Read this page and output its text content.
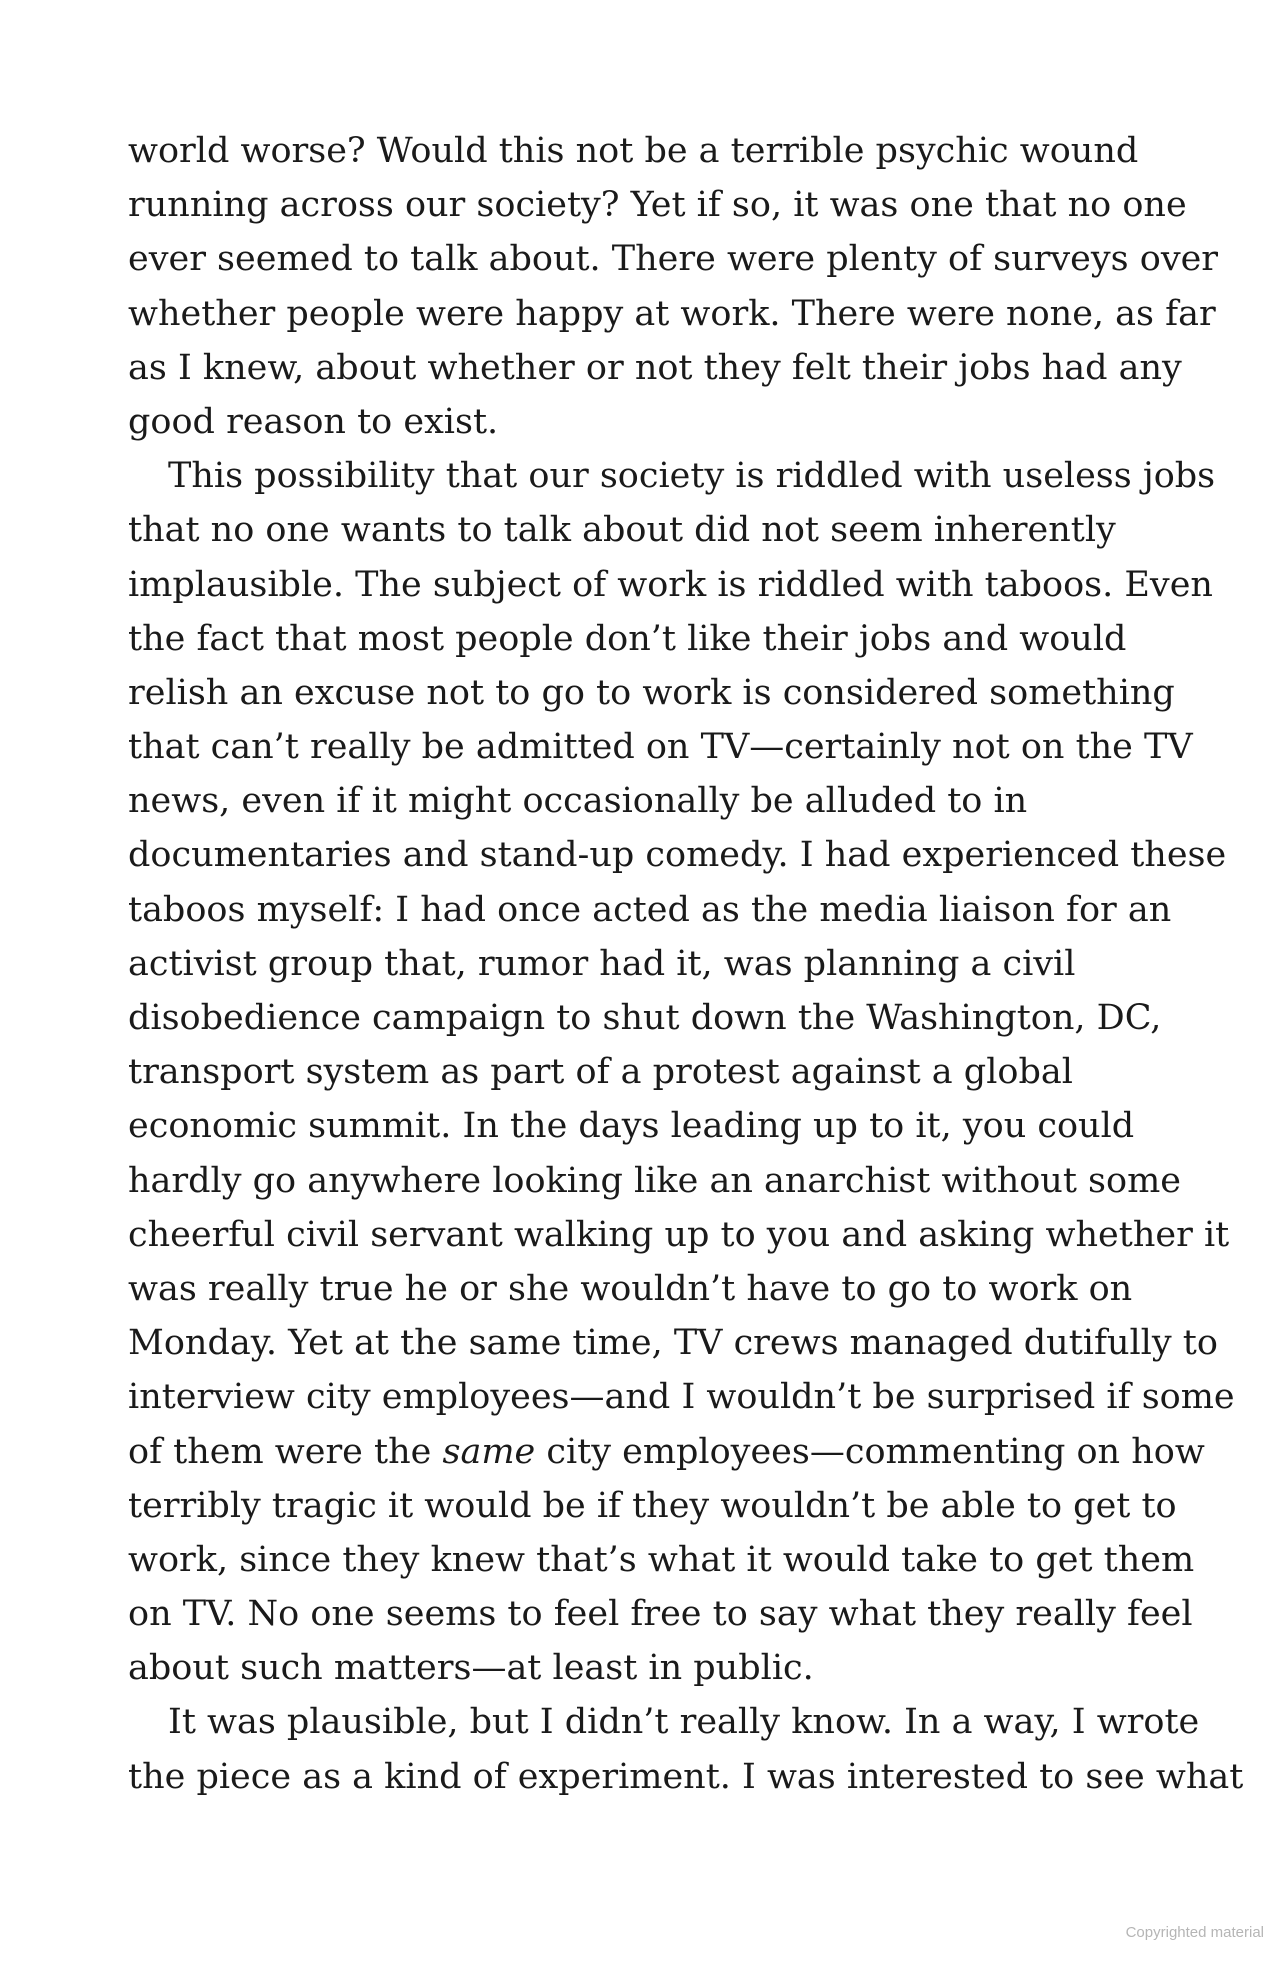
world worse? Would this not be a terrible psychic wound
running across our society? Yet if so, it was one that no one
ever seemed to talk about. There were plenty of surveys over
whether people were happy at work. There were none, as far
as I knew, about whether or not they felt their jobs had any
good reason to exist.
This possibility that our society is riddled with useless jobs
that no one wants to talk about did not seem inherently
implausible. The subject of work is riddled with taboos. Even
the fact that most people don’t like their jobs and would
relish an excuse not to go to work is considered something
that can’t really be admitted on TV—certainly not on the TV
news, even if it might occasionally be alluded to in
documentaries and stand-up comedy. I had experienced these
taboos myself: I had once acted as the media liaison for an
activist group that, rumor had it, was planning a civil
disobedience campaign to shut down the Washington, DC,
transport system as part of a protest against a global
economic summit. In the days leading up to it, you could
hardly go anywhere looking like an anarchist without some
cheerful civil servant walking up to you and asking whether it
was really true he or she wouldn’t have to go to work on
Monday. Yet at the same time, TV crews managed dutifully to
interview city employees—and I wouldn’t be surprised if some
of them were the same city employees—commenting on how
terribly tragic it would be if they wouldn’t be able to get to
work, since they knew that’s what it would take to get them
on TV. No one seems to feel free to say what they really feel
about such matters—at least in public.
It was plausible, but I didn’t really know. In a way, I wrote
the piece as a kind of experiment. I was interested to see what
Copyrighted material
